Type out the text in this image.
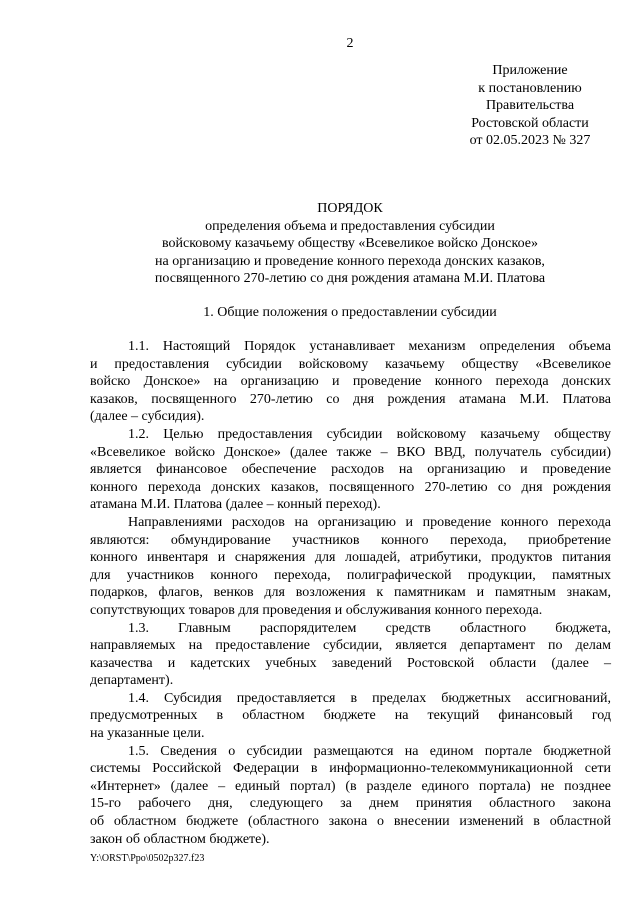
2
Приложение
к постановлению
Правительства
Ростовской области
от 02.05.2023 № 327
ПОРЯДОК
определения объема и предоставления субсидии
войсковому казачьему обществу «Всевеликое войско Донское»
на организацию и проведение конного перехода донских казаков,
посвященного 270-летию со дня рождения атамана М.И. Платова
1. Общие положения о предоставлении субсидии
1.1. Настоящий Порядок устанавливает механизм определения объема
и предоставления субсидии войсковому казачьему обществу «Всевеликое
войско Донское» на организацию и проведение конного перехода донских
казаков, посвященного 270-летию со дня рождения атамана М.И. Платова
(далее – субсидия).
1.2. Целью предоставления субсидии войсковому казачьему обществу
«Всевеликое войско Донское» (далее также – ВКО ВВД, получатель субсидии)
является финансовое обеспечение расходов на организацию и проведение
конного перехода донских казаков, посвященного 270-летию со дня рождения
атамана М.И. Платова (далее – конный переход).
Направлениями расходов на организацию и проведение конного перехода
являются: обмундирование участников конного перехода, приобретение
конного инвентаря и снаряжения для лошадей, атрибутики, продуктов питания
для участников конного перехода, полиграфической продукции, памятных
подарков, флагов, венков для возложения к памятникам и памятным знакам,
сопутствующих товаров для проведения и обслуживания конного перехода.
1.3. Главным распорядителем средств областного бюджета,
направляемых на предоставление субсидии, является департамент по делам
казачества и кадетских учебных заведений Ростовской области (далее –
департамент).
1.4. Субсидия предоставляется в пределах бюджетных ассигнований,
предусмотренных в областном бюджете на текущий финансовый год
на указанные цели.
1.5. Сведения о субсидии размещаются на едином портале бюджетной
системы Российской Федерации в информационно-телекоммуникационной сети
«Интернет» (далее – единый портал) (в разделе единого портала) не позднее
15-го рабочего дня, следующего за днем принятия областного закона
об областном бюджете (областного закона о внесении изменений в областной
закон об областном бюджете).
Y:\ORST\Ppo\0502p327.f23
